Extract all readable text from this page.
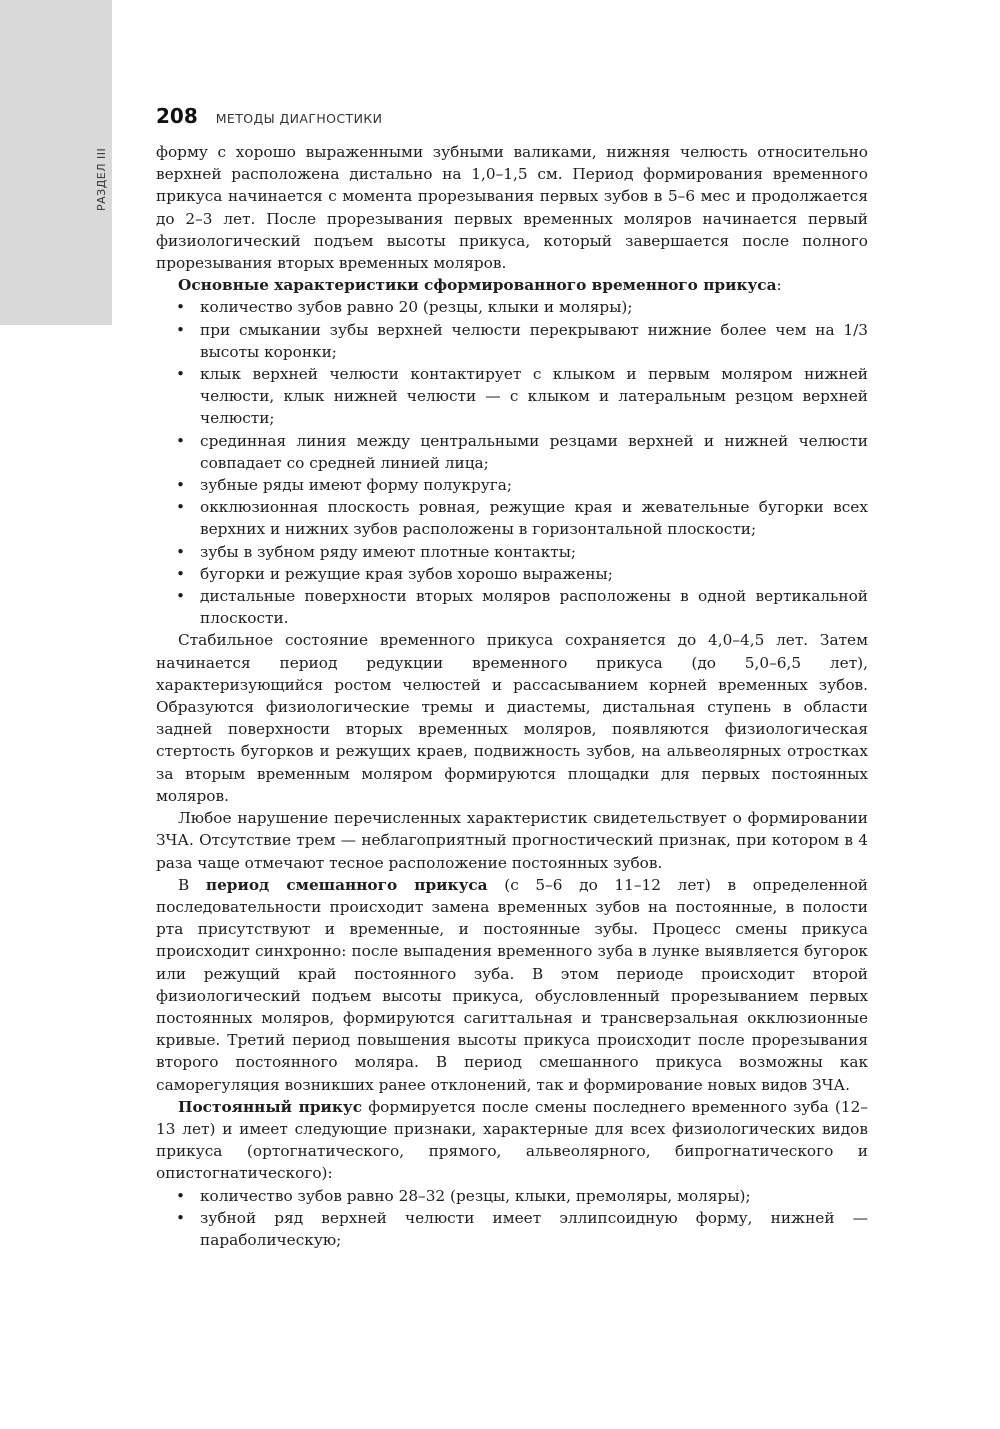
РАЗДЕЛ III
208 МЕТОДЫ ДИАГНОСТИКИ

форму с хорошо выраженными зубными валиками, нижняя челюсть относительно верхней расположена дистально на 1,0–1,5 см. Период формирования временного прикуса начинается с момента прорезывания первых зубов в 5–6 мес и продолжается до 2–3 лет. После прорезывания первых временных моляров начинается первый физиологический подъем высоты прикуса, который завершается после полного прорезывания вторых временных моляров.

Основные характеристики сформированного временного прикуса:

• количество зубов равно 20 (резцы, клыки и моляры);
• при смыкании зубы верхней челюсти перекрывают нижние более чем на 1/3 высоты коронки;
• клык верхней челюсти контактирует с клыком и первым моляром нижней челюсти, клык нижней челюсти — с клыком и латеральным резцом верхней челюсти;
• срединная линия между центральными резцами верхней и нижней челюсти совпадает со средней линией лица;
• зубные ряды имеют форму полукруга;
• окклюзионная плоскость ровная, режущие края и жевательные бугорки всех верхних и нижних зубов расположены в горизонтальной плоскости;
• зубы в зубном ряду имеют плотные контакты;
• бугорки и режущие края зубов хорошо выражены;
• дистальные поверхности вторых моляров расположены в одной вертикальной плоскости.

Стабильное состояние временного прикуса сохраняется до 4,0–4,5 лет. Затем начинается период редукции временного прикуса (до 5,0–6,5 лет), характеризующийся ростом челюстей и рассасыванием корней временных зубов. Образуются физиологические тремы и диастемы, дистальная ступень в области задней поверхности вторых временных моляров, появляются физиологическая стертость бугорков и режущих краев, подвижность зубов, на альвеолярных отростках за вторым временным моляром формируются площадки для первых постоянных моляров.

Любое нарушение перечисленных характеристик свидетельствует о формировании ЗЧА. Отсутствие трем — неблагоприятный прогностический признак, при котором в 4 раза чаще отмечают тесное расположение постоянных зубов.

В период смешанного прикуса (с 5–6 до 11–12 лет) в определенной последовательности происходит замена временных зубов на постоянные, в полости рта присутствуют и временные, и постоянные зубы. Процесс смены прикуса происходит синхронно: после выпадения временного зуба в лунке выявляется бугорок или режущий край постоянного зуба. В этом периоде происходит второй физиологический подъем высоты прикуса, обусловленный прорезыванием первых постоянных моляров, формируются сагиттальная и трансверзальная окклюзионные кривые. Третий период повышения высоты прикуса происходит после прорезывания второго постоянного моляра. В период смешанного прикуса возможны как саморегуляция возникших ранее отклонений, так и формирование новых видов ЗЧА.

Постоянный прикус формируется после смены последнего временного зуба (12–13 лет) и имеет следующие признаки, характерные для всех физиологических видов прикуса (ортогнатического, прямого, альвеолярного, бипрогнатического и опистогнатического):

• количество зубов равно 28–32 (резцы, клыки, премоляры, моляры);
• зубной ряд верхней челюсти имеет эллипсоидную форму, нижней — параболическую;
